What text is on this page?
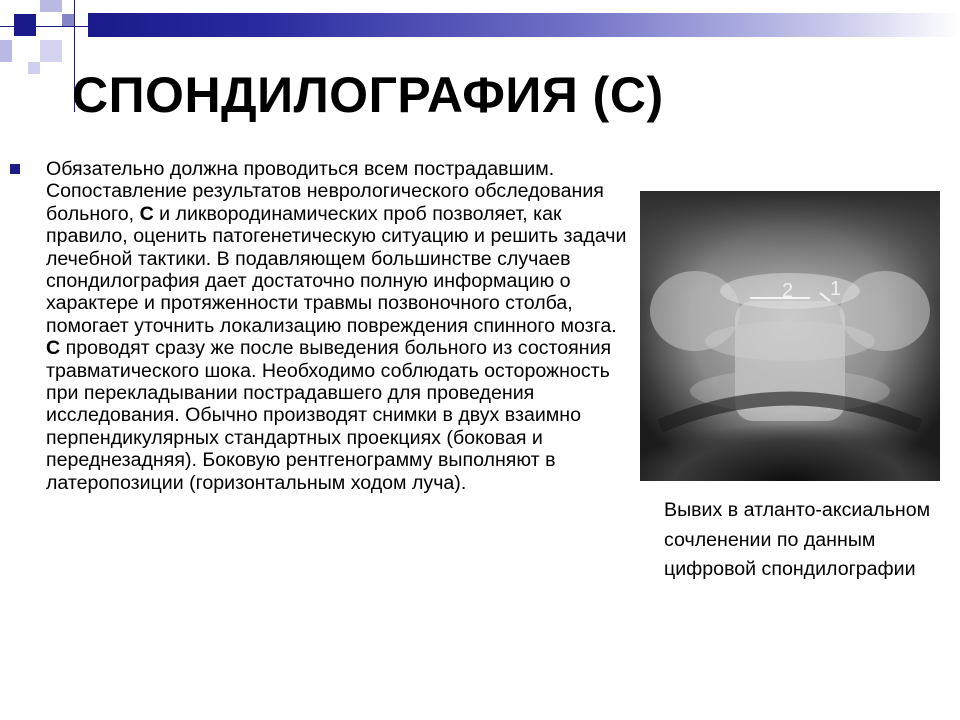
СПОНДИЛОГРАФИЯ (С)
Обязательно должна проводиться всем пострадавшим. Сопоставление результатов неврологического обследования больного, С и ликвородинамических проб позволяет, как правило, оценить патогенетическую ситуацию и решить задачи лечебной тактики. В подавляющем большинстве случаев спондилография дает достаточно полную информацию о характере и протяженности травмы позвоночного столба, помогает уточнить локализацию повреждения спинного мозга. С проводят сразу же после выведения больного из состояния травматического шока. Необходимо соблюдать осторожность при перекладывании пострадавшего для проведения исследования. Обычно производят снимки в двух взаимно перпендикулярных стандартных проекциях (боковая и переднезадняя). Боковую рентгенограмму выполняют в латеропозиции (горизонтальным ходом луча).
2 1
Вывих в атланто-аксиальном сочленении по данным цифровой спондилографии
